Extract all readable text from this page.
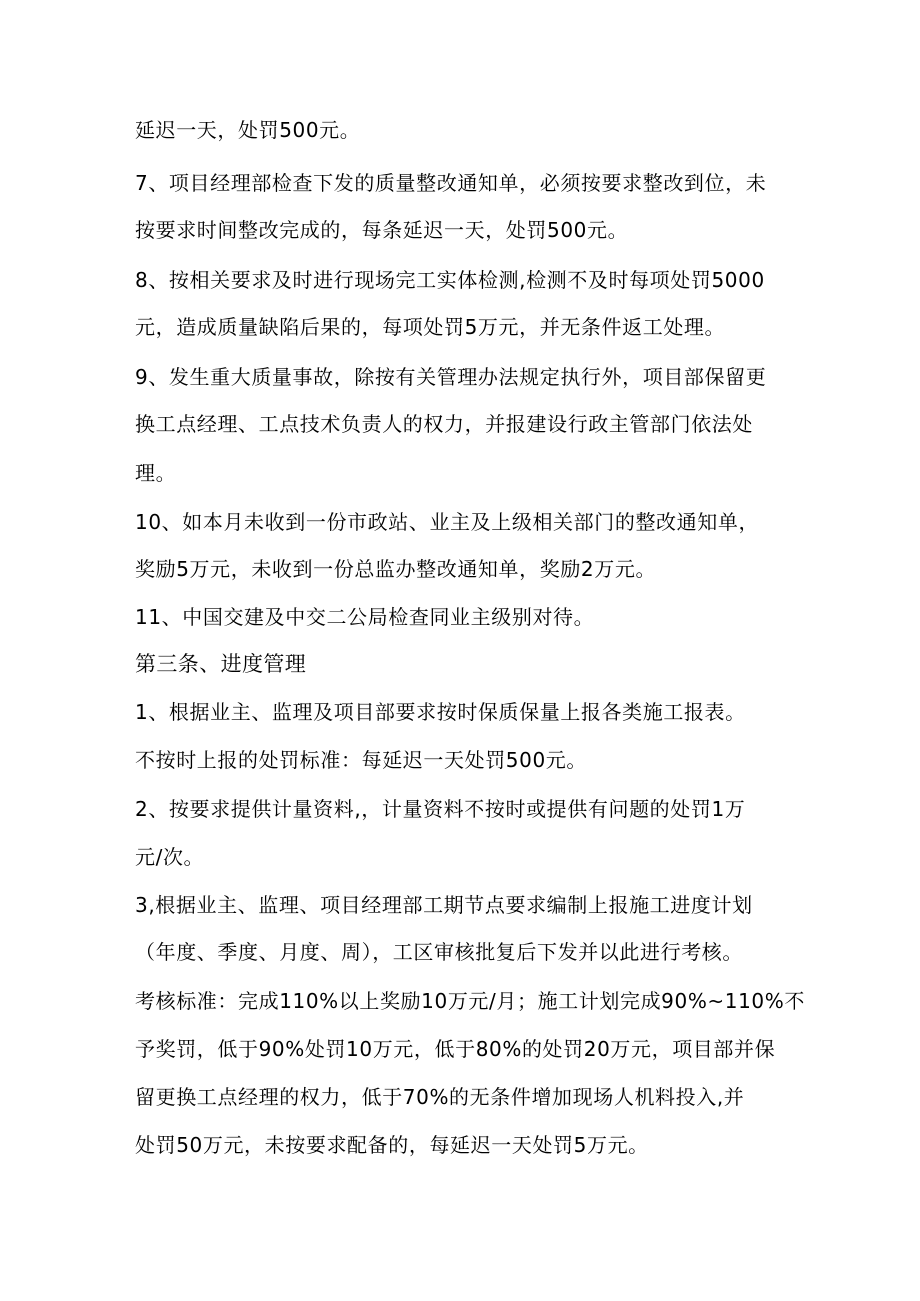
延迟一天，处罚500元。
7、项目经理部检查下发的质量整改通知单，必须按要求整改到位，未
按要求时间整改完成的，每条延迟一天，处罚500元。
8、按相关要求及时进行现场完工实体检测,检测不及时每项处罚5000
元，造成质量缺陷后果的，每项处罚5万元，并无条件返工处理。
9、发生重大质量事故，除按有关管理办法规定执行外，项目部保留更
换工点经理、工点技术负责人的权力，并报建设行政主管部门依法处
理。
10、如本月未收到一份市政站、业主及上级相关部门的整改通知单，
奖励5万元，未收到一份总监办整改通知单，奖励2万元。
11、中国交建及中交二公局检查同业主级别对待。
第三条、进度管理
1、根据业主、监理及项目部要求按时保质保量上报各类施工报表。
不按时上报的处罚标准：每延迟一天处罚500元。
2、按要求提供计量资料,，计量资料不按时或提供有问题的处罚1万
元/次。
3,根据业主、监理、项目经理部工期节点要求编制上报施工进度计划
（年度、季度、月度、周），工区审核批复后下发并以此进行考核。
考核标准：完成110%以上奖励10万元/月；施工计划完成90%~110%不
予奖罚，低于90%处罚10万元，低于80%的处罚20万元，项目部并保
留更换工点经理的权力，低于70%的无条件增加现场人机料投入,并
处罚50万元，未按要求配备的，每延迟一天处罚5万元。
